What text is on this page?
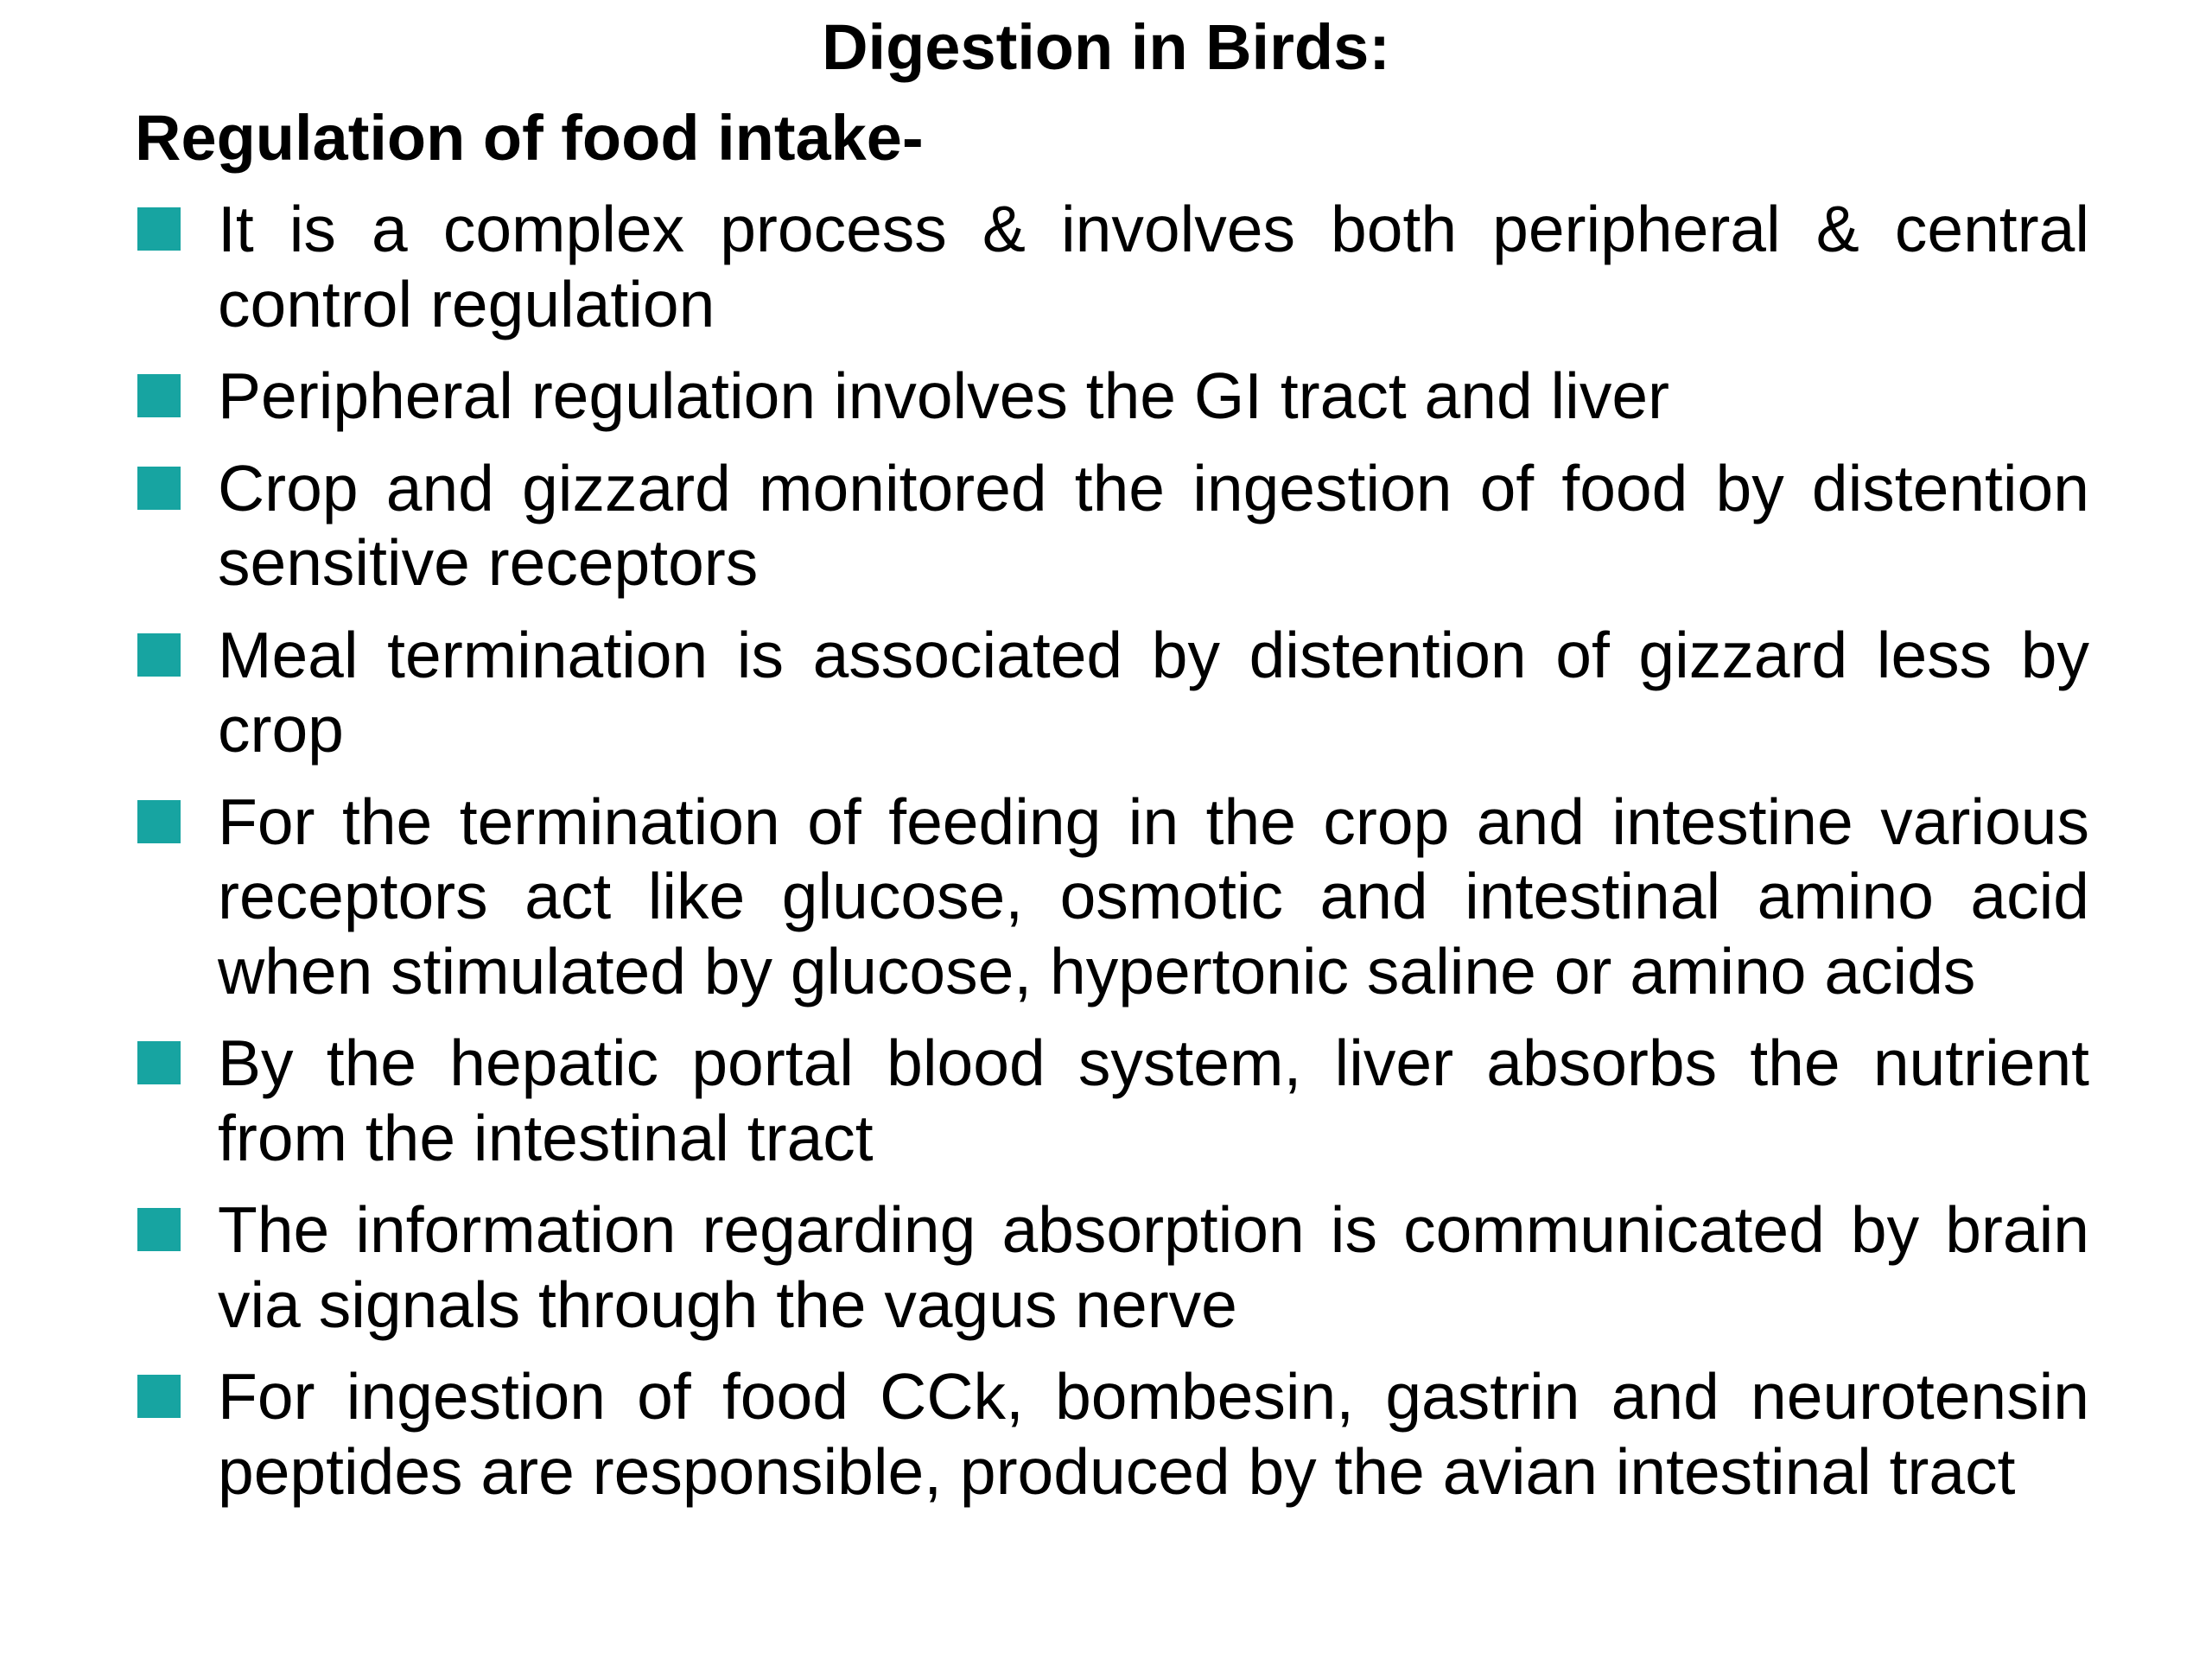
Digestion in Birds:
Regulation of food intake-
It is a complex process & involves both peripheral & central control regulation
Peripheral regulation involves the GI tract and liver
Crop and gizzard monitored the ingestion of food by distention sensitive receptors
Meal termination is associated by distention of gizzard less by crop
For the termination of feeding in the crop and intestine various receptors act like glucose, osmotic and intestinal amino acid when stimulated by glucose, hypertonic saline or amino acids
By the hepatic portal blood system, liver absorbs the nutrient from the intestinal tract
The information regarding absorption is communicated by brain via signals through the vagus nerve
For ingestion of food CCk, bombesin, gastrin and neurotensin peptides are responsible, produced by the avian intestinal tract
